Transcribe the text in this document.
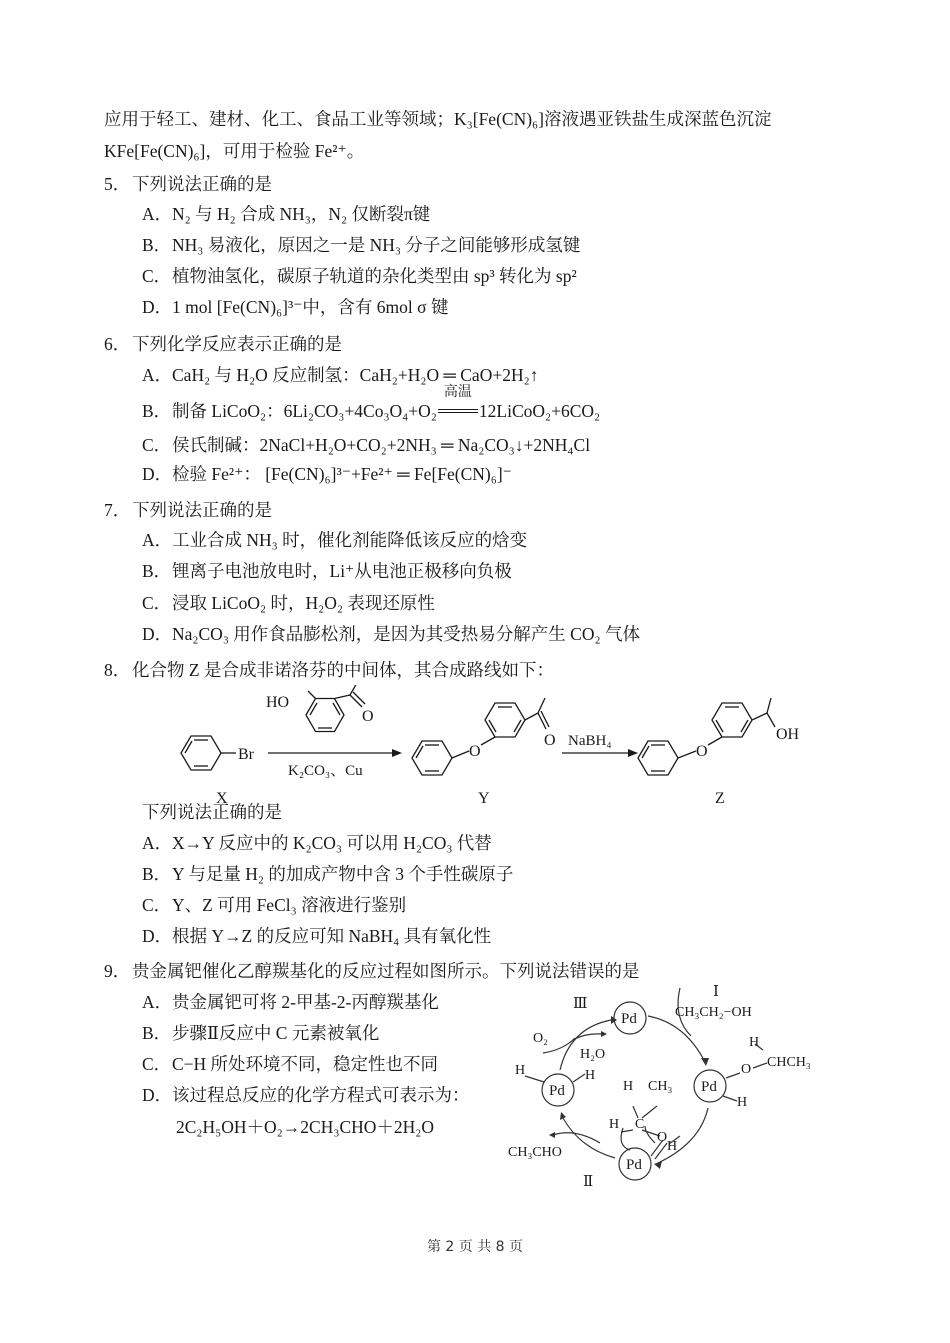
应用于轻工、建材、化工、食品工业等领域；K₃[Fe(CN)₆]溶液遇亚铁盐生成深蓝色沉淀
KFe[Fe(CN)₆]，可用于检验 Fe²⁺。
5． 下列说法正确的是
A．N₂ 与 H₂ 合成 NH₃，N₂ 仅断裂π键
B．NH₃ 易液化，原因之一是 NH₃ 分子之间能够形成氢键
C．植物油氢化，碳原子轨道的杂化类型由 sp³ 转化为 sp²
D．1 mol [Fe(CN)₆]³⁻中，含有 6mol σ 键
6． 下列化学反应表示正确的是
A．CaH₂ 与 H₂O 反应制氢：CaH₂+H₂O ═ CaO+2H₂↑
B．制备 LiCoO₂：6Li₂CO₃+4Co₃O₄+O₂
高温
12LiCoO₂+6CO₂
C．侯氏制碱：2NaCl+H₂O+CO₂+2NH₃ ═ Na₂CO₃↓+2NH₄Cl
D．检验 Fe²⁺： [Fe(CN)₆]³⁻+Fe²⁺ ═ Fe[Fe(CN)₆]⁻
7． 下列说法正确的是
A．工业合成 NH₃ 时，催化剂能降低该反应的焓变
B．锂离子电池放电时，Li⁺从电池正极移向负极
C．浸取 LiCoO₂ 时，H₂O₂ 表现还原性
D．Na₂CO₃ 用作食品膨松剂，是因为其受热易分解产生 CO₂ 气体
8． 化合物 Z 是合成非诺洛芬的中间体，其合成路线如下：
Br
HO
O
K₂CO₃、Cu
O
O NaBH₄
O
OH
X	Y	Z
下列说法正确的是
A．X→Y 反应中的 K₂CO₃ 可以用 H₂CO₃ 代替
B．Y 与足量 H₂ 的加成产物中含 3 个手性碳原子
C．Y、Z 可用 FeCl₃ 溶液进行鉴别
D．根据 Y→Z 的反应可知 NaBH₄ 具有氧化性
9． 贵金属钯催化乙醇羰基化的反应过程如图所示。下列说法错误的是
A．贵金属钯可将 2-甲基-2-丙醇羰基化
B．步骤Ⅱ反应中 C 元素被氧化
C．C−H 所处环境不同，稳定性也不同
D．该过程总反应的化学方程式可表示为：
2C₂H₅OH＋O₂→2CH₃CHO＋2H₂O
Pd
Pd	Pd
Pd
Ⅰ
Ⅱ
Ⅲ
CH₃CH₂−OH
O₂
H₂O
H	H	O CHCH₃
H
H
H CH₃
C
H
O
H
CH₃CHO
第 2 页 共 8 页
